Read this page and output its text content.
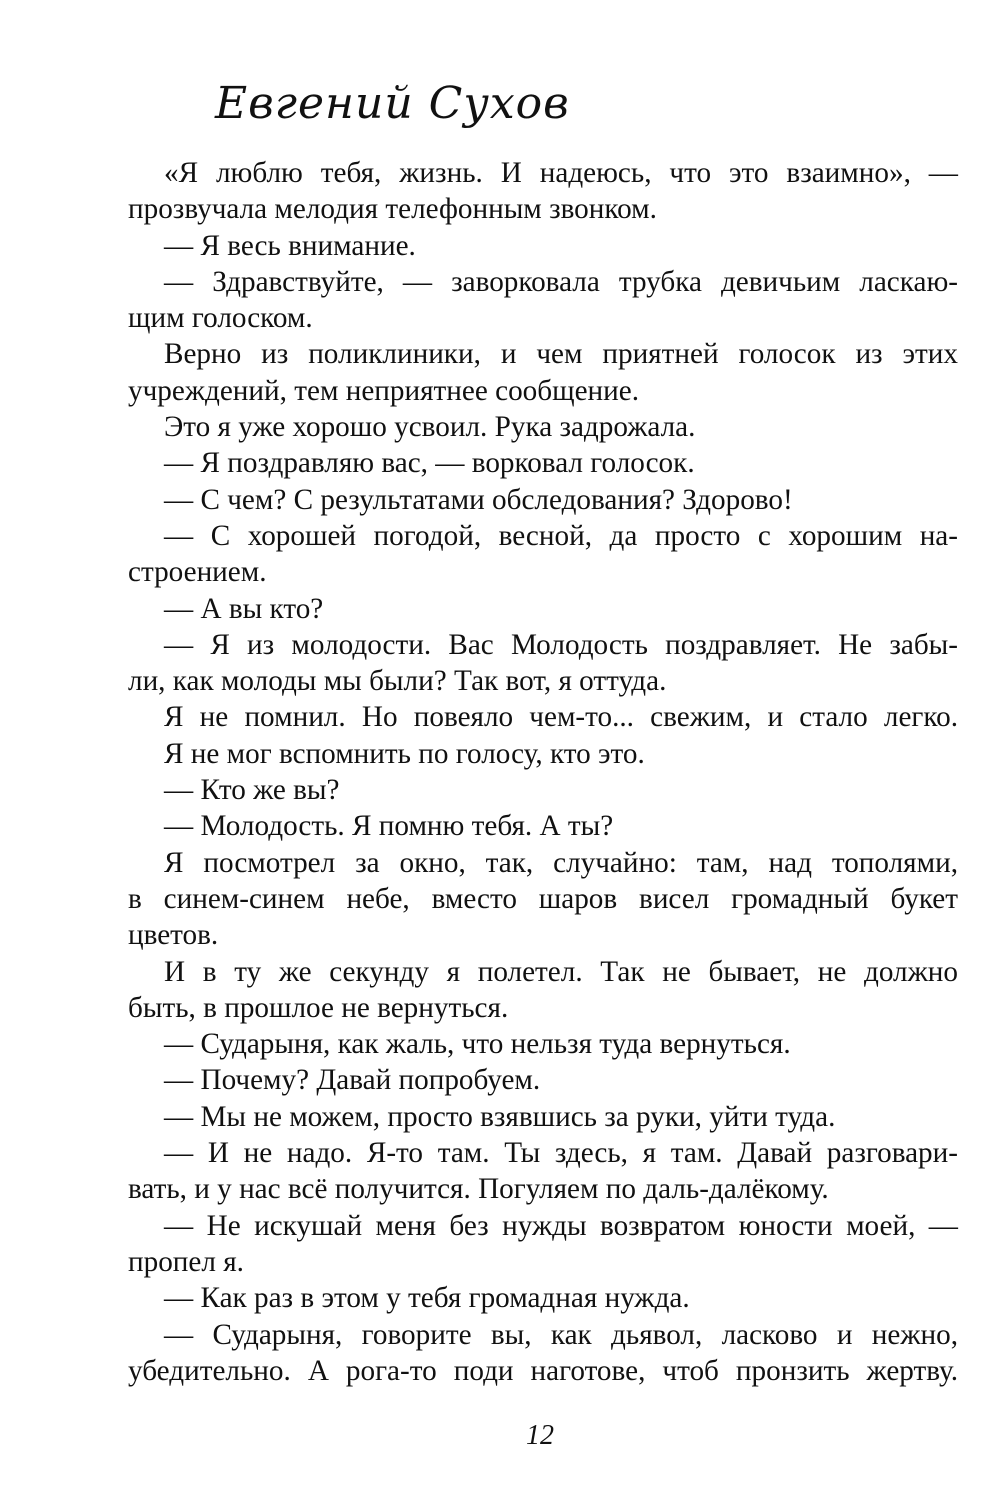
Евгений Сухов
«Я люблю тебя, жизнь. И надеюсь, что это взаимно», —
прозвучала мелодия телефонным звонком.
— Я весь внимание.
— Здравствуйте, — заворковала трубка девичьим ласкаю-
щим голоском.
Верно из поликлиники, и чем приятней голосок из этих
учреждений, тем неприятнее сообщение.
Это я уже хорошо усвоил. Рука задрожала.
— Я поздравляю вас, — ворковал голосок.
— С чем? С результатами обследования? Здорово!
— С хорошей погодой, весной, да просто с хорошим на-
строением.
— А вы кто?
— Я из молодости. Вас Молодость поздравляет. Не забы-
ли, как молоды мы были? Так вот, я оттуда.
Я не помнил. Но повеяло чем-то... свежим, и стало легко.
Я не мог вспомнить по голосу, кто это.
— Кто же вы?
— Молодость. Я помню тебя. А ты?
Я посмотрел за окно, так, случайно: там, над тополями,
в синем-синем небе, вместо шаров висел громадный букет
цветов.
И в ту же секунду я полетел. Так не бывает, не должно
быть, в прошлое не вернуться.
— Сударыня, как жаль, что нельзя туда вернуться.
— Почему? Давай попробуем.
— Мы не можем, просто взявшись за руки, уйти туда.
— И не надо. Я-то там. Ты здесь, я там. Давай разговари-
вать, и у нас всё получится. Погуляем по даль-далёкому.
— Не искушай меня без нужды возвратом юности моей, —
пропел я.
— Как раз в этом у тебя громадная нужда.
— Сударыня, говорите вы, как дьявол, ласково и нежно,
убедительно. А рога-то поди наготове, чтоб пронзить жертву.
12
